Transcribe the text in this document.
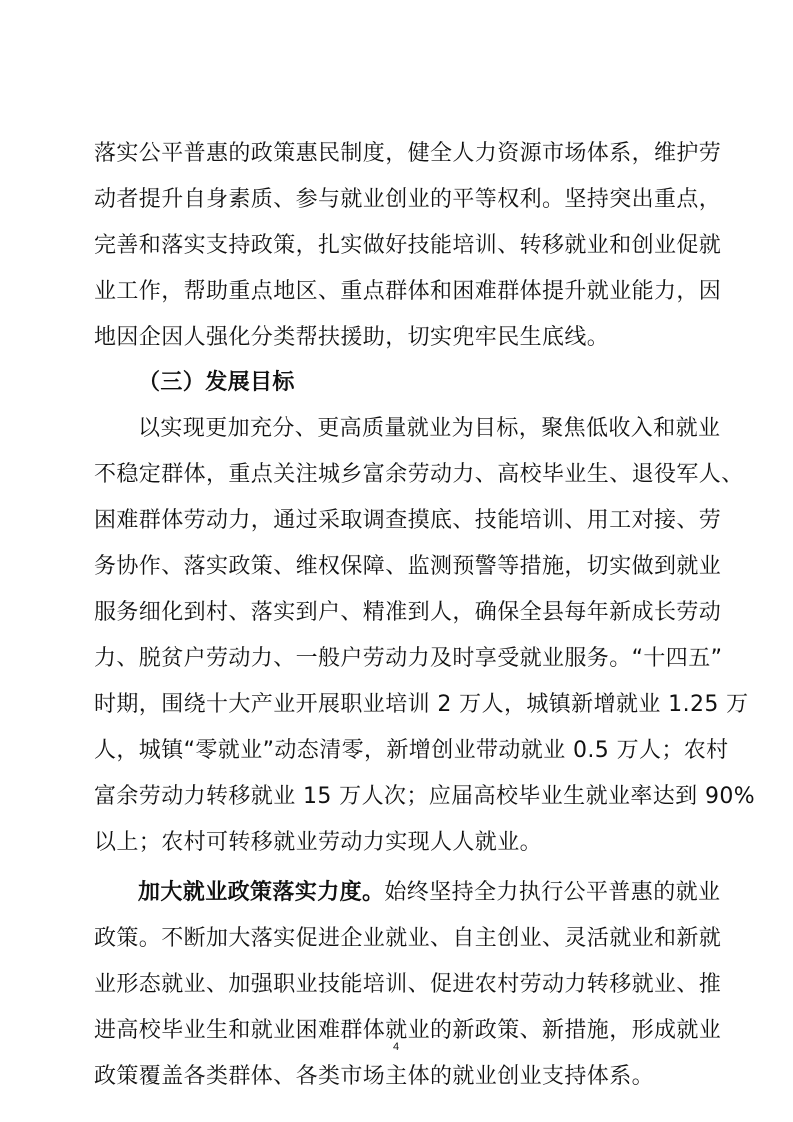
落实公平普惠的政策惠民制度，健全人力资源市场体系，维护劳
动者提升自身素质、参与就业创业的平等权利。坚持突出重点，
完善和落实支持政策，扎实做好技能培训、转移就业和创业促就
业工作，帮助重点地区、重点群体和困难群体提升就业能力，因
地因企因人强化分类帮扶援助，切实兜牢民生底线。
（三）发展目标
以实现更加充分、更高质量就业为目标，聚焦低收入和就业
不稳定群体，重点关注城乡富余劳动力、高校毕业生、退役军人、
困难群体劳动力，通过采取调查摸底、技能培训、用工对接、劳
务协作、落实政策、维权保障、监测预警等措施，切实做到就业
服务细化到村、落实到户、精准到人，确保全县每年新成长劳动
力、脱贫户劳动力、一般户劳动力及时享受就业服务。“十四五”
时期，围绕十大产业开展职业培训 2 万人，城镇新增就业 1.25 万
人，城镇“零就业”动态清零，新增创业带动就业 0.5 万人；农村
富余劳动力转移就业 15 万人次；应届高校毕业生就业率达到 90%
以上；农村可转移就业劳动力实现人人就业。
加大就业政策落实力度。始终坚持全力执行公平普惠的就业
政策。不断加大落实促进企业就业、自主创业、灵活就业和新就
业形态就业、加强职业技能培训、促进农村劳动力转移就业、推
进高校毕业生和就业困难群体就业的新政策、新措施，形成就业
政策覆盖各类群体、各类市场主体的就业创业支持体系。
4
